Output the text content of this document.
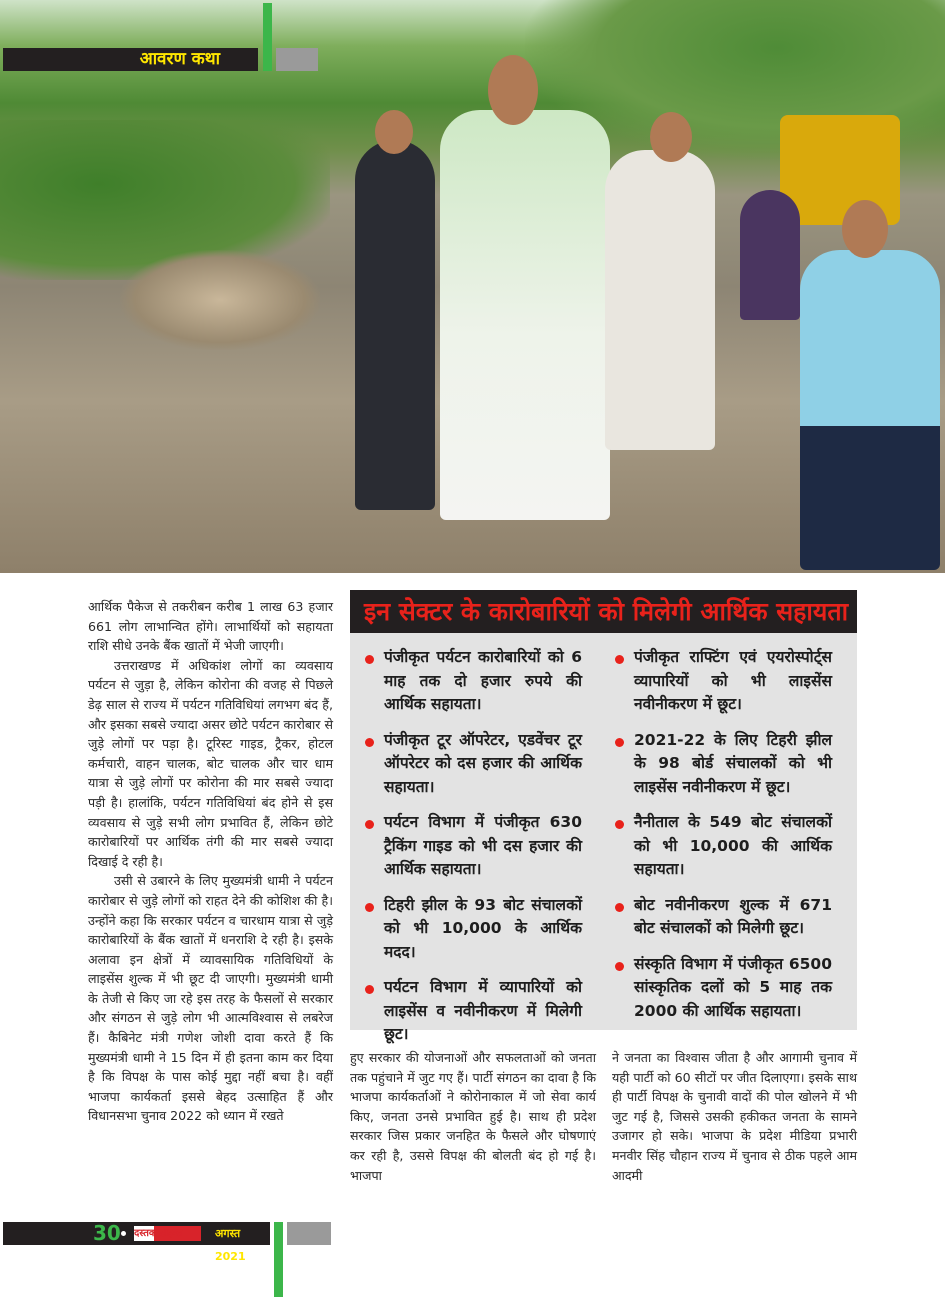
आवरण कथा

आर्थिक पैकेज से तकरीबन करीब 1 लाख 63 हजार 661 लोग लाभान्वित होंगे। लाभार्थियों को सहायता राशि सीधे उनके बैंक खातों में भेजी जाएगी।

उत्तराखण्ड में अधिकांश लोगों का व्यवसाय पर्यटन से जुड़ा है, लेकिन कोरोना की वजह से पिछले डेढ़ साल से राज्य में पर्यटन गतिविधियां लगभग बंद हैं, और इसका सबसे ज्यादा असर छोटे पर्यटन कारोबार से जुड़े लोगों पर पड़ा है। टूरिस्ट गाइड, ट्रैकर, होटल कर्मचारी, वाहन चालक, बोट चालक और चार धाम यात्रा से जुड़े लोगों पर कोरोना की मार सबसे ज्यादा पड़ी है। हालांकि, पर्यटन गतिविधियां बंद होने से इस व्यवसाय से जुड़े सभी लोग प्रभावित हैं, लेकिन छोटे कारोबारियों पर आर्थिक तंगी की मार सबसे ज्यादा दिखाई दे रही है।

उसी से उबारने के लिए मुख्यमंत्री धामी ने पर्यटन कारोबार से जुड़े लोगों को राहत देने की कोशिश की है। उन्होंने कहा कि सरकार पर्यटन व चारधाम यात्रा से जुड़े कारोबारियों के बैंक खातों में धनराशि दे रही है। इसके अलावा इन क्षेत्रों में व्यावसायिक गतिविधियों के लाइसेंस शुल्क में भी छूट दी जाएगी। मुख्यमंत्री धामी के तेजी से किए जा रहे इस तरह के फैसलों से सरकार और संगठन से जुड़े लोग भी आत्मविश्वास से लबरेज हैं। कैबिनेट मंत्री गणेश जोशी दावा करते हैं कि मुख्यमंत्री धामी ने 15 दिन में ही इतना काम कर दिया है कि विपक्ष के पास कोई मुद्दा नहीं बचा है। वहीं भाजपा कार्यकर्ता इससे बेहद उत्साहित हैं और विधानसभा चुनाव 2022 को ध्यान में रखते

इन सेक्टर के कारोबारियों को मिलेगी आर्थिक सहायता
पंजीकृत पर्यटन कारोबारियों को 6 माह तक दो हजार रुपये की आर्थिक सहायता।
पंजीकृत टूर ऑपरेटर, एडवेंचर टूर ऑपरेटर को दस हजार की आर्थिक सहायता।
पर्यटन विभाग में पंजीकृत 630 ट्रैकिंग गाइड को भी दस हजार की आर्थिक सहायता।
टिहरी झील के 93 बोट संचालकों को भी 10,000 के आर्थिक मदद।
पर्यटन विभाग में व्यापारियों को लाइसेंस व नवीनीकरण में मिलेगी छूट।
पंजीकृत राफ्टिंग एवं एयरोस्पोर्ट्स व्यापारियों को भी लाइसेंस नवीनीकरण में छूट।
2021-22 के लिए टिहरी झील के 98 बोर्ड संचालकों को भी लाइसेंस नवीनीकरण में छूट।
नैनीताल के 549 बोट संचालकों को भी 10,000 की आर्थिक सहायता।
बोट नवीनीकरण शुल्क में 671 बोट संचालकों को मिलेगी छूट।
संस्कृति विभाग में पंजीकृत 6500 सांस्कृतिक दलों को 5 माह तक 2000 की आर्थिक सहायता।

हुए सरकार की योजनाओं और सफलताओं को जनता तक पहुंचाने में जुट गए हैं। पार्टी संगठन का दावा है कि भाजपा कार्यकर्ताओं ने कोरोनाकाल में जो सेवा कार्य किए, जनता उनसे प्रभावित हुई है। साथ ही प्रदेश सरकार जिस प्रकार जनहित के फैसले और घोषणाएं कर रही है, उससे विपक्ष की बोलती बंद हो गई है। भाजपा

ने जनता का विश्वास जीता है और आगामी चुनाव में यही पार्टी को 60 सीटों पर जीत दिलाएगा। इसके साथ ही पार्टी विपक्ष के चुनावी वादों की पोल खोलने में भी जुट गई है, जिससे उसकी हकीकत जनता के सामने उजागर हो सके। भाजपा के प्रदेश मीडिया प्रभारी मनवीर सिंह चौहान राज्य में चुनाव से ठीक पहले आम आदमी

30 दस्तक टाइम्स	अगस्त 2021
